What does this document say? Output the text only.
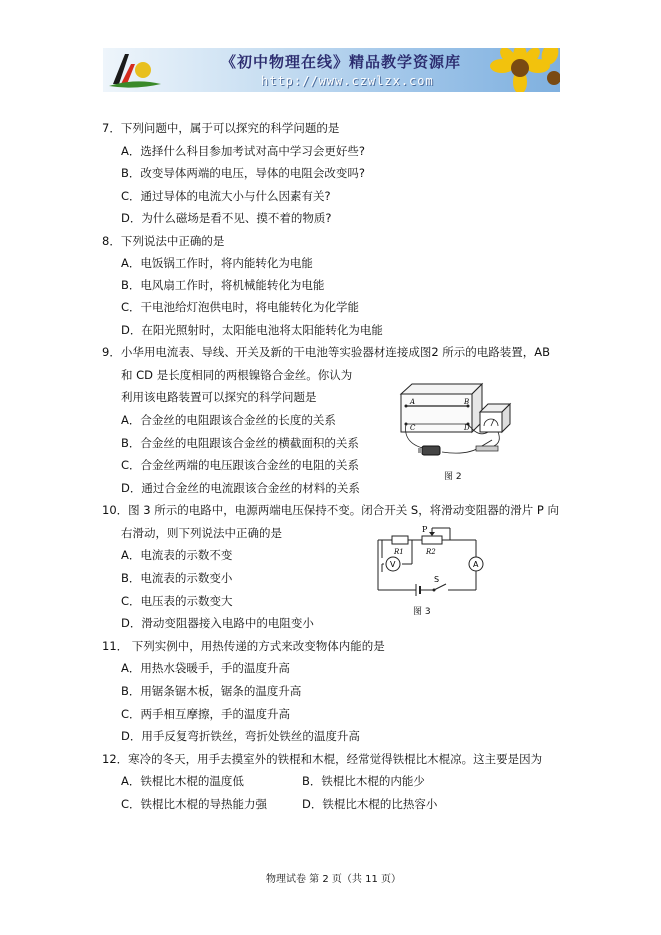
《初中物理在线》精品教学资源库
http://www.czwlzx.com
7．下列问题中，属于可以探究的科学问题的是
A．选择什么科目参加考试对高中学习会更好些?
B．改变导体两端的电压，导体的电阻会改变吗?
C．通过导体的电流大小与什么因素有关?
D．为什么磁场是看不见、摸不着的物质?
8．下列说法中正确的是
A．电饭锅工作时，将内能转化为电能
B．电风扇工作时，将机械能转化为电能
C．干电池给灯泡供电时，将电能转化为化学能
D．在阳光照射时，太阳能电池将太阳能转化为电能
9．小华用电流表、导线、开关及新的干电池等实验器材连接成图2 所示的电路装置，AB
和 CD 是长度相同的两根镍铬合金丝。你认为
利用该电路装置可以探究的科学问题是
A．合金丝的电阻跟该合金丝的长度的关系
B．合金丝的电阻跟该合金丝的横截面积的关系
C．合金丝两端的电压跟该合金丝的电阻的关系
D．通过合金丝的电流跟该合金丝的材料的关系
A	B
C	D
图 2
10．图 3 所示的电路中，电源两端电压保持不变。闭合开关 S，将滑动变阻器的滑片 P 向
右滑动，则下列说法中正确的是
A．电流表的示数不变
B．电流表的示数变小
C．电压表的示数变大
D．滑动变阻器接入电路中的电阻变小
P
R1	R2
V	A
S
图 3
11． 下列实例中，用热传递的方式来改变物体内能的是
A．用热水袋暖手，手的温度升高
B．用锯条锯木板，锯条的温度升高
C．两手相互摩擦，手的温度升高
D．用手反复弯折铁丝，弯折处铁丝的温度升高
12．寒冷的冬天，用手去摸室外的铁棍和木棍，经常觉得铁棍比木棍凉。这主要是因为
A．铁棍比木棍的温度低	B．铁棍比木棍的内能少
C．铁棍比木棍的导热能力强	D．铁棍比木棍的比热容小
物理试卷 第 2 页（共 11 页）
